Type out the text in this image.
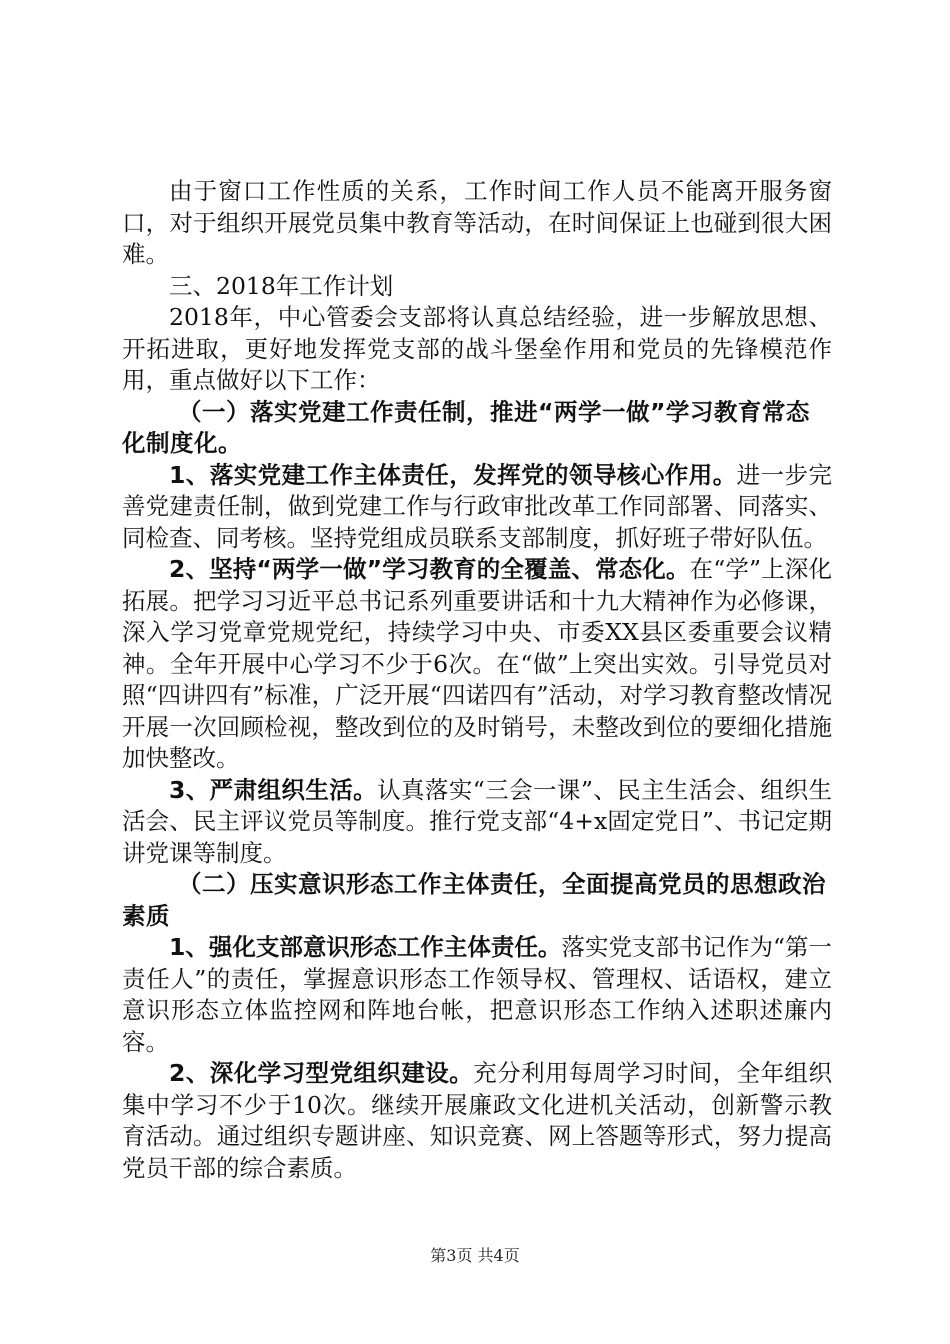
由于窗口工作性质的关系，工作时间工作人员不能离开服务窗口，对于组织开展党员集中教育等活动，在时间保证上也碰到很大困难。

三、2018年工作计划

2018年，中心管委会支部将认真总结经验，进一步解放思想、开拓进取，更好地发挥党支部的战斗堡垒作用和党员的先锋模范作用，重点做好以下工作：

（一）落实党建工作责任制，推进“两学一做”学习教育常态化制度化。

1、落实党建工作主体责任，发挥党的领导核心作用。进一步完善党建责任制，做到党建工作与行政审批改革工作同部署、同落实、同检查、同考核。坚持党组成员联系支部制度，抓好班子带好队伍。

2、坚持“两学一做”学习教育的全覆盖、常态化。在“学”上深化拓展。把学习习近平总书记系列重要讲话和十九大精神作为必修课，深入学习党章党规党纪，持续学习中央、市委XX县区委重要会议精神。全年开展中心学习不少于6次。在“做”上突出实效。引导党员对照“四讲四有”标准，广泛开展“四诺四有”活动，对学习教育整改情况开展一次回顾检视，整改到位的及时销号，未整改到位的要细化措施加快整改。

3、严肃组织生活。认真落实“三会一课”、民主生活会、组织生活会、民主评议党员等制度。推行党支部“4+x固定党日”、书记定期讲党课等制度。

（二）压实意识形态工作主体责任，全面提高党员的思想政治素质

1、强化支部意识形态工作主体责任。落实党支部书记作为“第一责任人”的责任，掌握意识形态工作领导权、管理权、话语权，建立意识形态立体监控网和阵地台帐，把意识形态工作纳入述职述廉内容。

2、深化学习型党组织建设。充分利用每周学习时间，全年组织集中学习不少于10次。继续开展廉政文化进机关活动，创新警示教育活动。通过组织专题讲座、知识竞赛、网上答题等形式，努力提高党员干部的综合素质。

第3页 共4页
